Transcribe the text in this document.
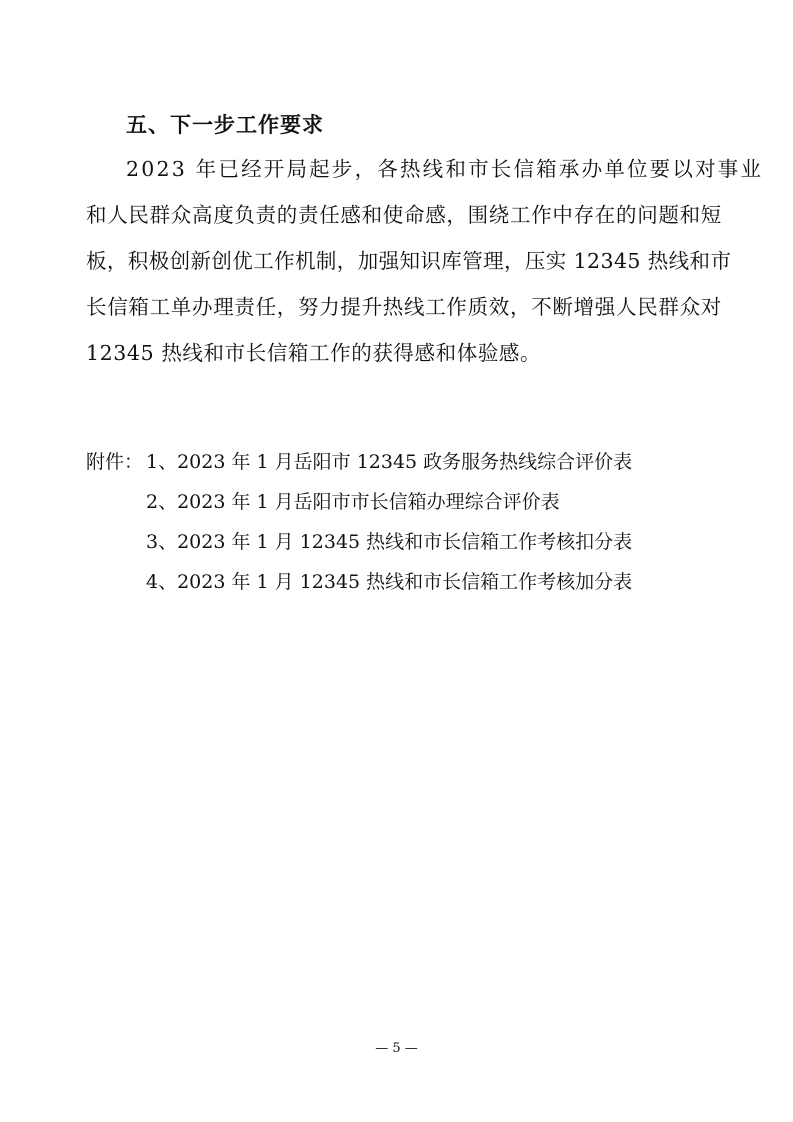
五、下一步工作要求
2023 年已经开局起步，各热线和市长信箱承办单位要以对事业
和人民群众高度负责的责任感和使命感，围绕工作中存在的问题和短
板，积极创新创优工作机制，加强知识库管理，压实 12345 热线和市
长信箱工单办理责任，努力提升热线工作质效，不断增强人民群众对
12345 热线和市长信箱工作的获得感和体验感。
附件： 1、2023 年 1 月岳阳市 12345 政务服务热线综合评价表
2、2023 年 1 月岳阳市市长信箱办理综合评价表
3、2023 年 1 月 12345 热线和市长信箱工作考核扣分表
4、2023 年 1 月 12345 热线和市长信箱工作考核加分表
— 5 —
